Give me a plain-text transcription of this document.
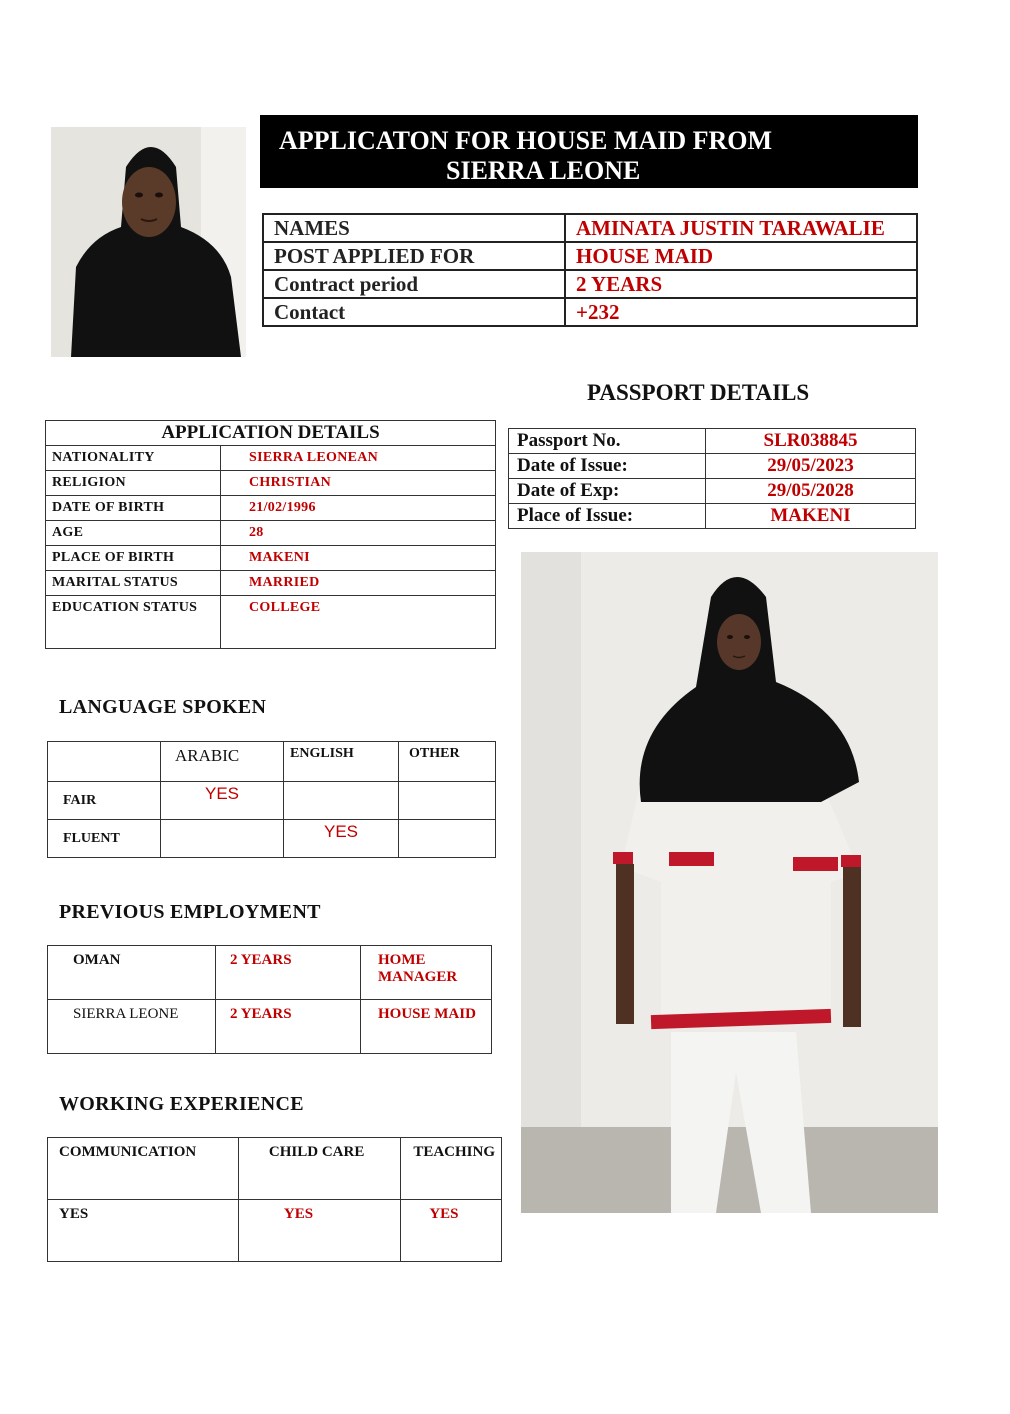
APPLICATON FOR HOUSE MAID FROM
SIERRA LEONE
NAMES	AMINATA JUSTIN TARAWALIE
POST APPLIED FOR	HOUSE MAID
Contract period	2 YEARS
Contact	+232
PASSPORT DETAILS
Passport No.	SLR038845
Date of Issue:	29/05/2023
Date of Exp:	29/05/2028
Place of Issue:	MAKENI
APPLICATION DETAILS	
NATIONALITY	SIERRA LEONEAN
RELIGION	CHRISTIAN
DATE OF BIRTH	21/02/1996
AGE	28
PLACE OF BIRTH	MAKENI
MARITAL STATUS	MARRIED
EDUCATION STATUS	COLLEGE
LANGUAGE SPOKEN
	ARABIC	ENGLISH	OTHER
FAIR	YES		
FLUENT		YES	
PREVIOUS EMPLOYMENT
OMAN	2 YEARS	HOME MANAGER
SIERRA LEONE	2 YEARS	HOUSE MAID
WORKING EXPERIENCE
COMMUNICATION	CHILD CARE	TEACHING
YES	YES	YES
